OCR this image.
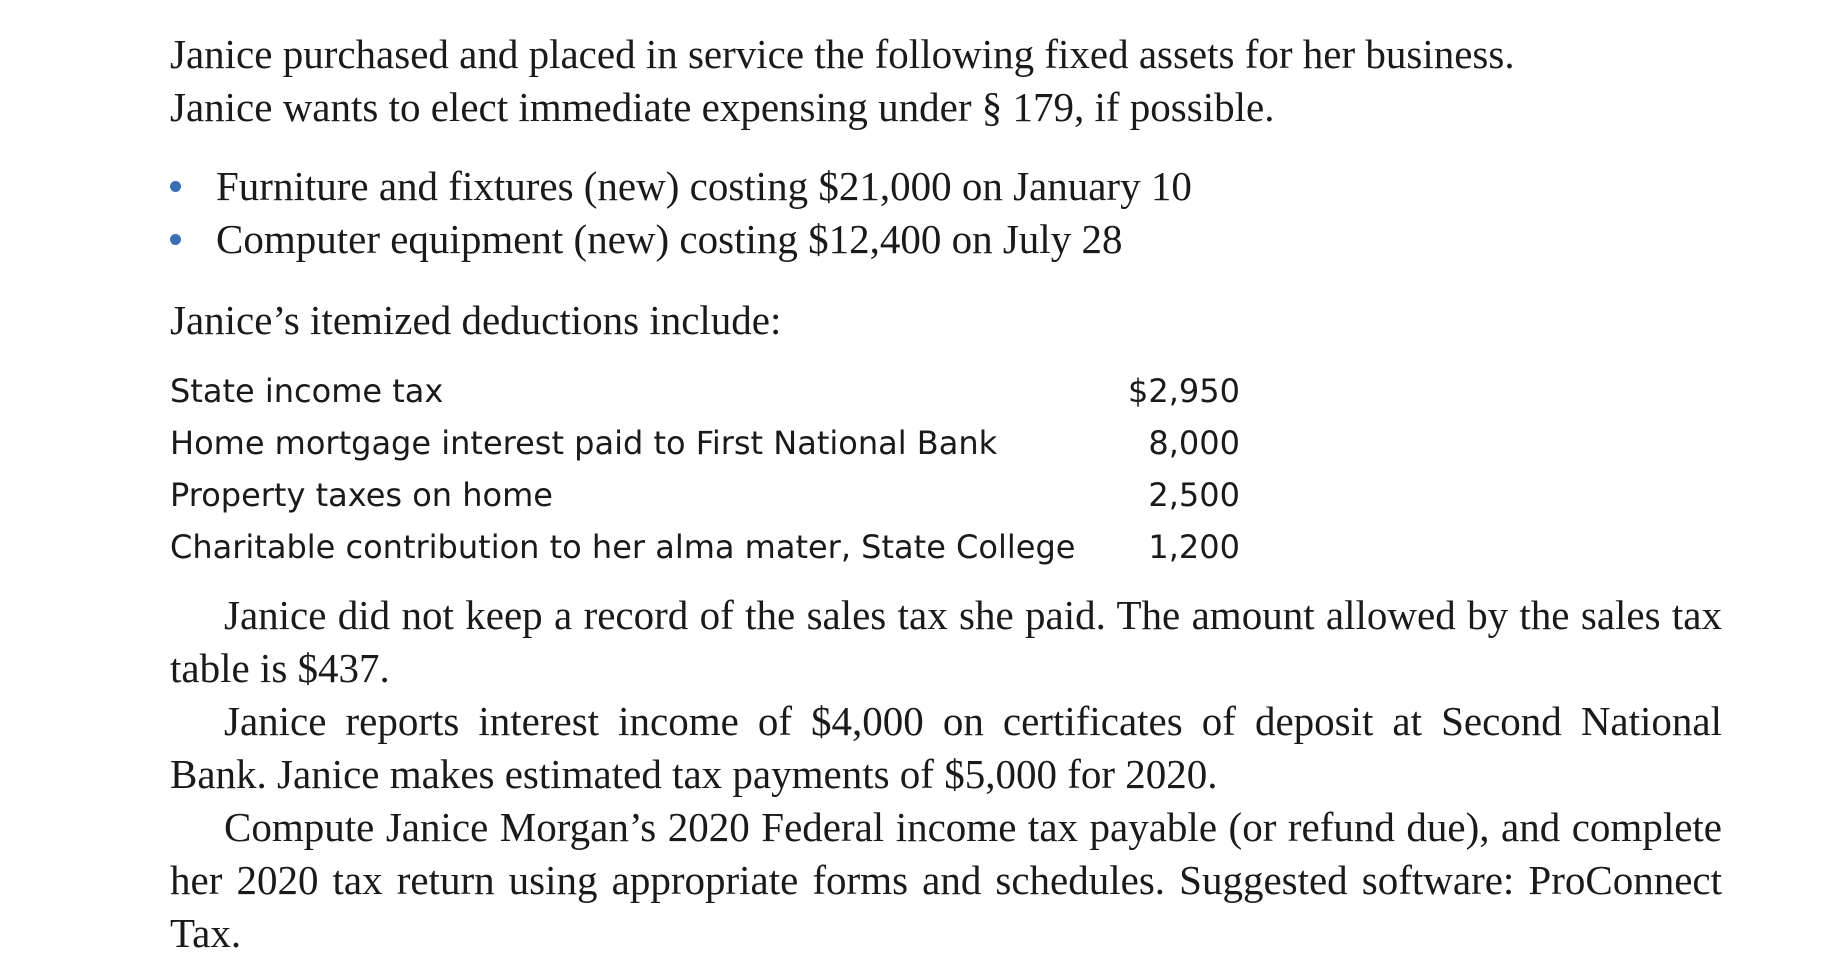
Janice purchased and placed in service the following fixed assets for her business.
Janice wants to elect immediate expensing under § 179, if possible.

Furniture and fixtures (new) costing $21,000 on January 10
Computer equipment (new) costing $12,400 on July 28

Janice’s itemized deductions include:

State income tax	$2,950
Home mortgage interest paid to First National Bank	8,000
Property taxes on home	2,500
Charitable contribution to her alma mater, State College 1,200

Janice did not keep a record of the sales tax she paid. The amount allowed by the sales tax table is $437.

Janice reports interest income of $4,000 on certificates of deposit at Second National Bank. Janice makes estimated tax payments of $5,000 for 2020.

Compute Janice Morgan’s 2020 Federal income tax payable (or refund due), and complete her 2020 tax return using appropriate forms and schedules. Suggested software: ProConnect Tax.
